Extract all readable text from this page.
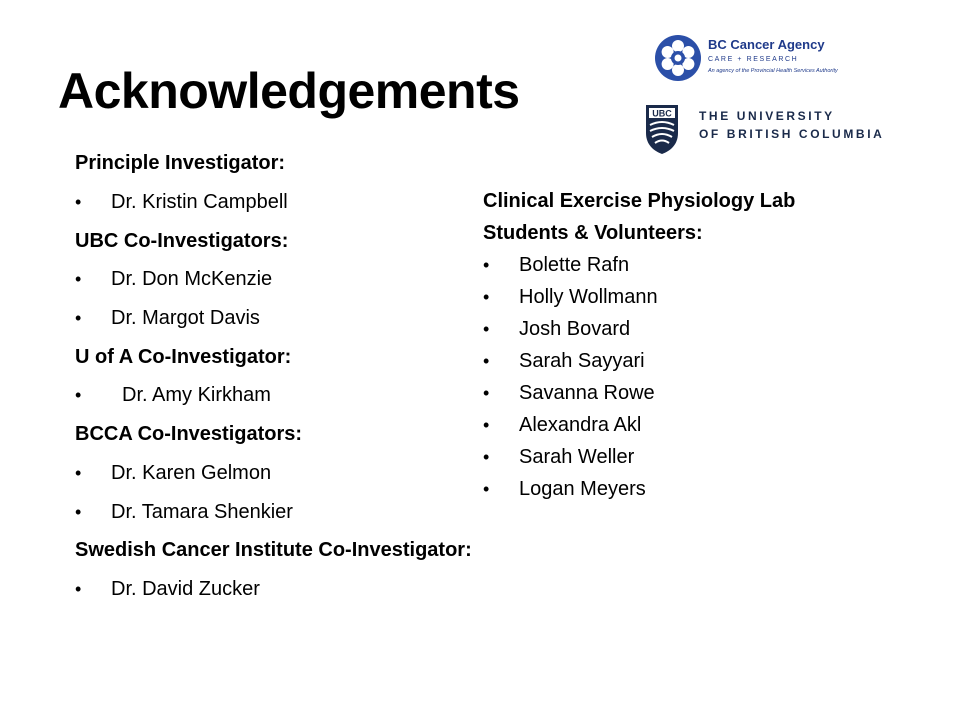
Acknowledgements
BC Cancer Agency
CARE + RESEARCH
An agency of the Provincial Health Services Authority
UBC THE UNIVERSITY
OF BRITISH COLUMBIA
Principle Investigator:
•	Dr. Kristin Campbell
UBC Co-Investigators:
•	Dr. Don McKenzie
•	Dr. Margot Davis
U of A Co-Investigator:
•	Dr. Amy Kirkham
BCCA Co-Investigators:
•	Dr. Karen Gelmon
•	Dr. Tamara Shenkier
Swedish Cancer Institute Co-Investigator:
•	Dr. David Zucker
Clinical Exercise Physiology Lab
Students & Volunteers:
•	Bolette Rafn
•	Holly Wollmann
•	Josh Bovard
•	Sarah Sayyari
•	Savanna Rowe
•	Alexandra Akl
•	Sarah Weller
•	Logan Meyers
